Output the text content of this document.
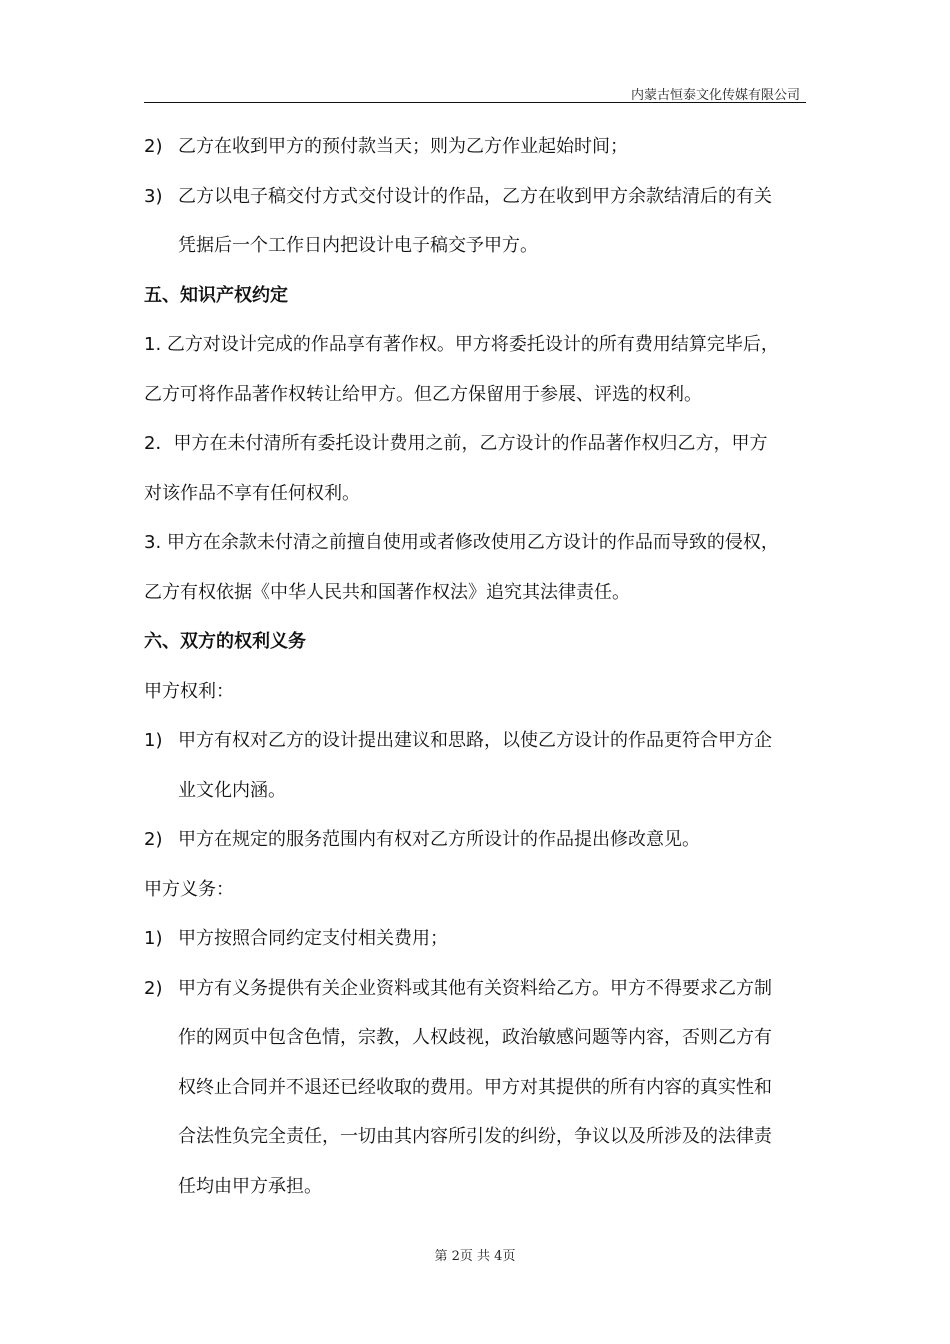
内蒙古恒泰文化传媒有限公司
2) 乙方在收到甲方的预付款当天；则为乙方作业起始时间；
3) 乙方以电子稿交付方式交付设计的作品，乙方在收到甲方余款结清后的有关
凭据后一个工作日内把设计电子稿交予甲方。
五、知识产权约定
1. 乙方对设计完成的作品享有著作权。甲方将委托设计的所有费用结算完毕后，
乙方可将作品著作权转让给甲方。但乙方保留用于参展、评选的权利。
2．甲方在未付清所有委托设计费用之前，乙方设计的作品著作权归乙方，甲方
对该作品不享有任何权利。
3. 甲方在余款未付清之前擅自使用或者修改使用乙方设计的作品而导致的侵权，
乙方有权依据《中华人民共和国著作权法》追究其法律责任。
六、双方的权利义务
甲方权利：
1) 甲方有权对乙方的设计提出建议和思路，以使乙方设计的作品更符合甲方企
业文化内涵。
2) 甲方在规定的服务范围内有权对乙方所设计的作品提出修改意见。
甲方义务：
1) 甲方按照合同约定支付相关费用；
2) 甲方有义务提供有关企业资料或其他有关资料给乙方。甲方不得要求乙方制
作的网页中包含色情，宗教，人权歧视，政治敏感问题等内容，否则乙方有
权终止合同并不退还已经收取的费用。甲方对其提供的所有内容的真实性和
合法性负完全责任，一切由其内容所引发的纠纷，争议以及所涉及的法律责
任均由甲方承担。
第 2页 共 4页
